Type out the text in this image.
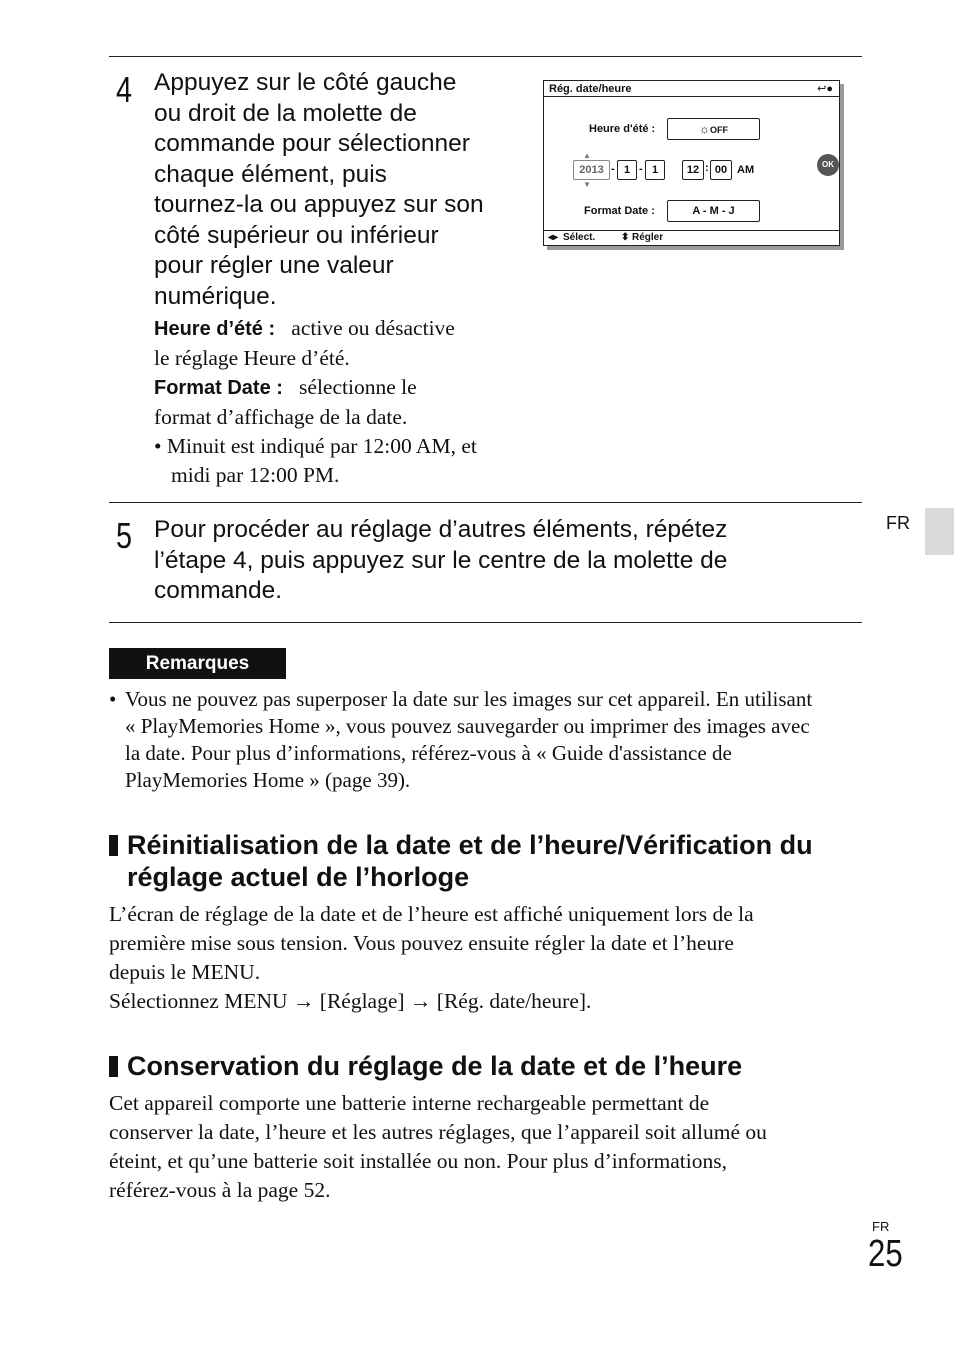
4 Appuyez sur le côté gauche
ou droit de la molette de
commande pour sélectionner
chaque élément, puis
tournez-la ou appuyez sur son
côté supérieur ou inférieur
pour régler une valeur
numérique.
Heure d’été : active ou désactive
le réglage Heure d’été.
Format Date : sélectionne le
format d’affichage de la date.
• Minuit est indiqué par 12:00 AM, et
midi par 12:00 PM.
Rég. date/heure	↩●
Heure d'été :	☼OFF
▲
2013
▼
- 1 - 1	12 : 00 AM	OK
Format Date :	A - M - J
◂▸ Sélect.	⬍ Régler
5 Pour procéder au réglage d’autres éléments, répétez
l’étape 4, puis appuyez sur le centre de la molette de
commande.
FR
Remarques
• Vous ne pouvez pas superposer la date sur les images sur cet appareil. En utilisant
« PlayMemories Home », vous pouvez sauvegarder ou imprimer des images avec
la date. Pour plus d’informations, référez-vous à « Guide d'assistance de
PlayMemories Home » (page 39).
Réinitialisation de la date et de l’heure/Vérification du
réglage actuel de l’horloge
L’écran de réglage de la date et de l’heure est affiché uniquement lors de la
première mise sous tension. Vous pouvez ensuite régler la date et l’heure
depuis le MENU.
Sélectionnez MENU → [Réglage] → [Rég. date/heure].
Conservation du réglage de la date et de l’heure
Cet appareil comporte une batterie interne rechargeable permettant de
conserver la date, l’heure et les autres réglages, que l’appareil soit allumé ou
éteint, et qu’une batterie soit installée ou non. Pour plus d’informations,
référez-vous à la page 52.
FR
25
